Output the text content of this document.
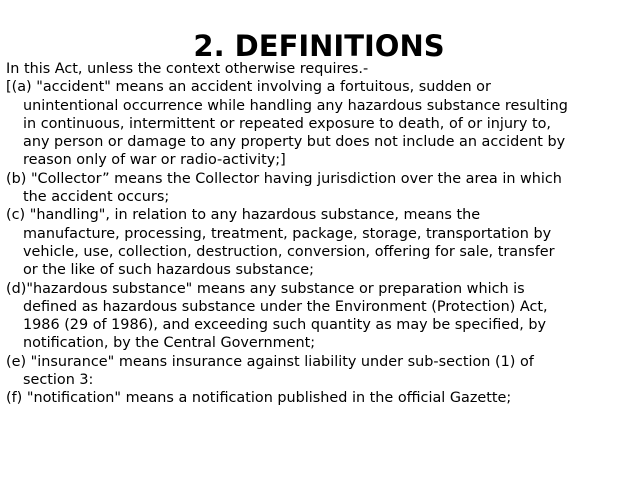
2. DEFINITIONS
In this Act, unless the context otherwise requires.-
[(a) "accident" means an accident involving a fortuitous, sudden or
unintentional occurrence while handling any hazardous substance resulting
in continuous, intermittent or repeated exposure to death, of or injury to,
any person or damage to any property but does not include an accident by
reason only of war or radio-activity;]
(b) "Collector” means the Collector having jurisdiction over the area in which
the accident occurs;
(c) "handling", in relation to any hazardous substance, means the
manufacture, processing, treatment, package, storage, transportation by
vehicle, use, collection, destruction, conversion, offering for sale, transfer
or the like of such hazardous substance;
(d)"hazardous substance" means any substance or preparation which is
defined as hazardous substance under the Environment (Protection) Act,
1986 (29 of 1986), and exceeding such quantity as may be specified, by
notification, by the Central Government;
(e) "insurance" means insurance against liability under sub-section (1) of
section 3:
(f) "notification" means a notification published in the official Gazette;
